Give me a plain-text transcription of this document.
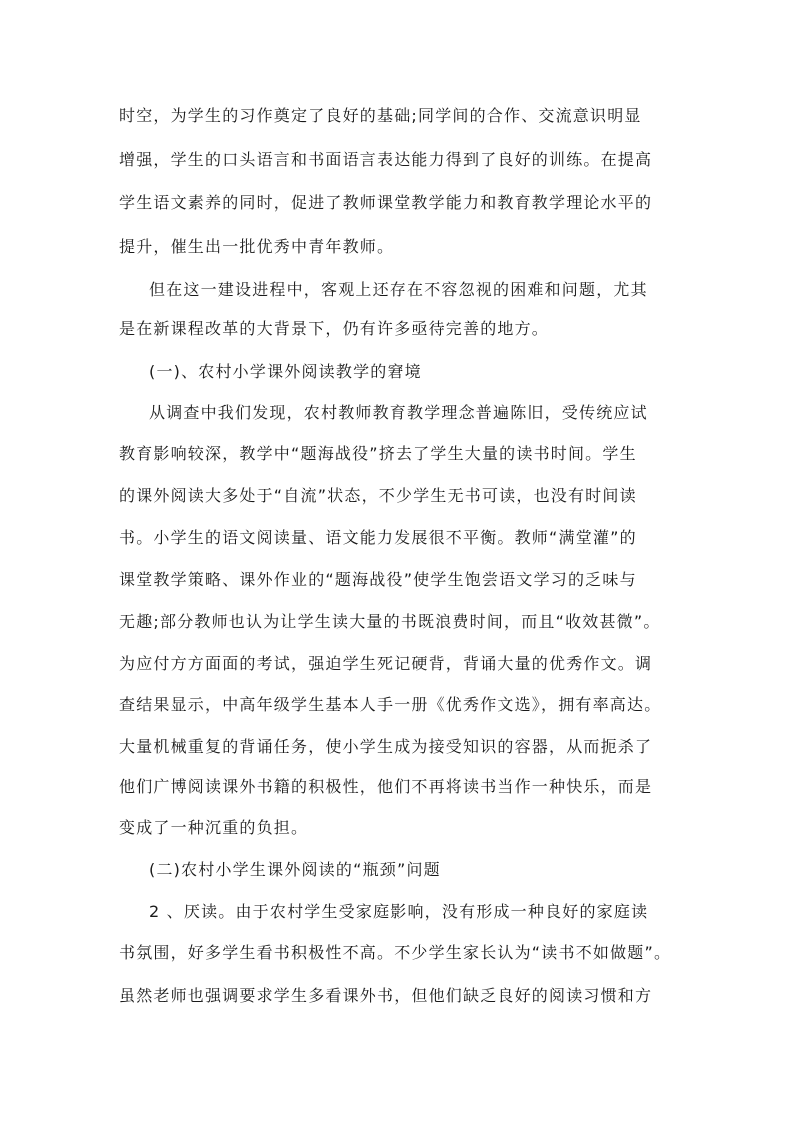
时空，为学生的习作奠定了良好的基础;同学间的合作、交流意识明显
增强，学生的口头语言和书面语言表达能力得到了良好的训练。在提高
学生语文素养的同时，促进了教师课堂教学能力和教育教学理论水平的
提升，催生出一批优秀中青年教师。
但在这一建设进程中，客观上还存在不容忽视的困难和问题，尤其
是在新课程改革的大背景下，仍有许多亟待完善的地方。
(一)、农村小学课外阅读教学的窘境
从调查中我们发现，农村教师教育教学理念普遍陈旧，受传统应试
教育影响较深，教学中“题海战役”挤去了学生大量的读书时间。学生
的课外阅读大多处于“自流”状态，不少学生无书可读，也没有时间读
书。小学生的语文阅读量、语文能力发展很不平衡。教师“满堂灌”的
课堂教学策略、课外作业的“题海战役”使学生饱尝语文学习的乏味与
无趣;部分教师也认为让学生读大量的书既浪费时间，而且“收效甚微”。
为应付方方面面的考试，强迫学生死记硬背，背诵大量的优秀作文。调
查结果显示，中高年级学生基本人手一册《优秀作文选》，拥有率高达。
大量机械重复的背诵任务，使小学生成为接受知识的容器，从而扼杀了
他们广博阅读课外书籍的积极性，他们不再将读书当作一种快乐，而是
变成了一种沉重的负担。
(二)农村小学生课外阅读的“瓶颈”问题
2 、厌读。由于农村学生受家庭影响，没有形成一种良好的家庭读
书氛围，好多学生看书积极性不高。不少学生家长认为“读书不如做题”。
虽然老师也强调要求学生多看课外书，但他们缺乏良好的阅读习惯和方
